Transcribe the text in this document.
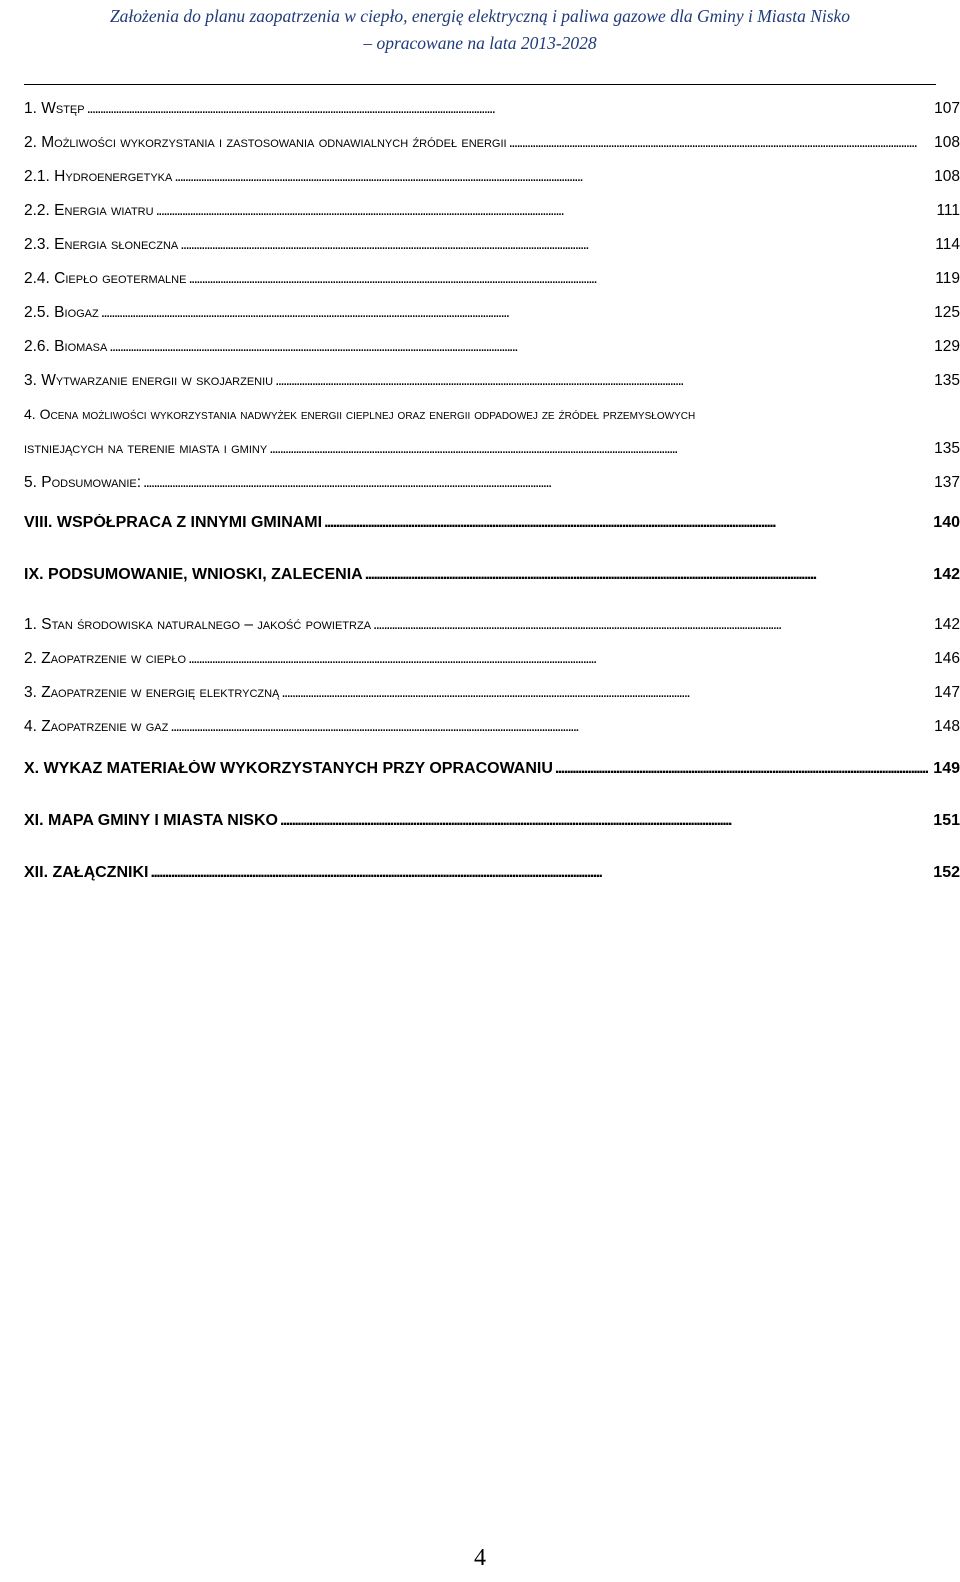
Założenia do planu zaopatrzenia w ciepło, energię elektryczną i paliwa gazowe dla Gminy i Miasta Nisko
– opracowane na lata 2013-2028
1. Wstęp . . .	107
2. Możliwości wykorzystania i zastosowania odnawialnych źródeł energii . . .	108
2.1. Hydroenergetyka . . .	108
2.2. Energia wiatru . . .	111
2.3. Energia słoneczna . . .	114
2.4. Ciepło geotermalne . . .	119
2.5. Biogaz . . .	125
2.6. Biomasa . . .	129
3. Wytwarzanie energii w skojarzeniu . . .	135
4. Ocena możliwości wykorzystania nadwyżek energii cieplnej oraz energii odpadowej ze źródeł przemysłowych
istniejących na terenie miasta i gminy . . .	135
5. Podsumowanie: . . .	137
VIII. WSPÓŁPRACA Z INNYMI GMINAMI . . .	140
IX. PODSUMOWANIE, WNIOSKI, ZALECENIA . . .	142
1. Stan środowiska naturalnego – jakość powietrza . . .	142
2. Zaopatrzenie w ciepło . . .	146
3. Zaopatrzenie w energię elektryczną . . .	147
4. Zaopatrzenie w gaz . . .	148
X. WYKAZ MATERIAŁÓW WYKORZYSTANYCH PRZY OPRACOWANIU . . .	149
XI. MAPA GMINY I MIASTA NISKO . . .	151
XII. ZAŁĄCZNIKI . . .	152
4
